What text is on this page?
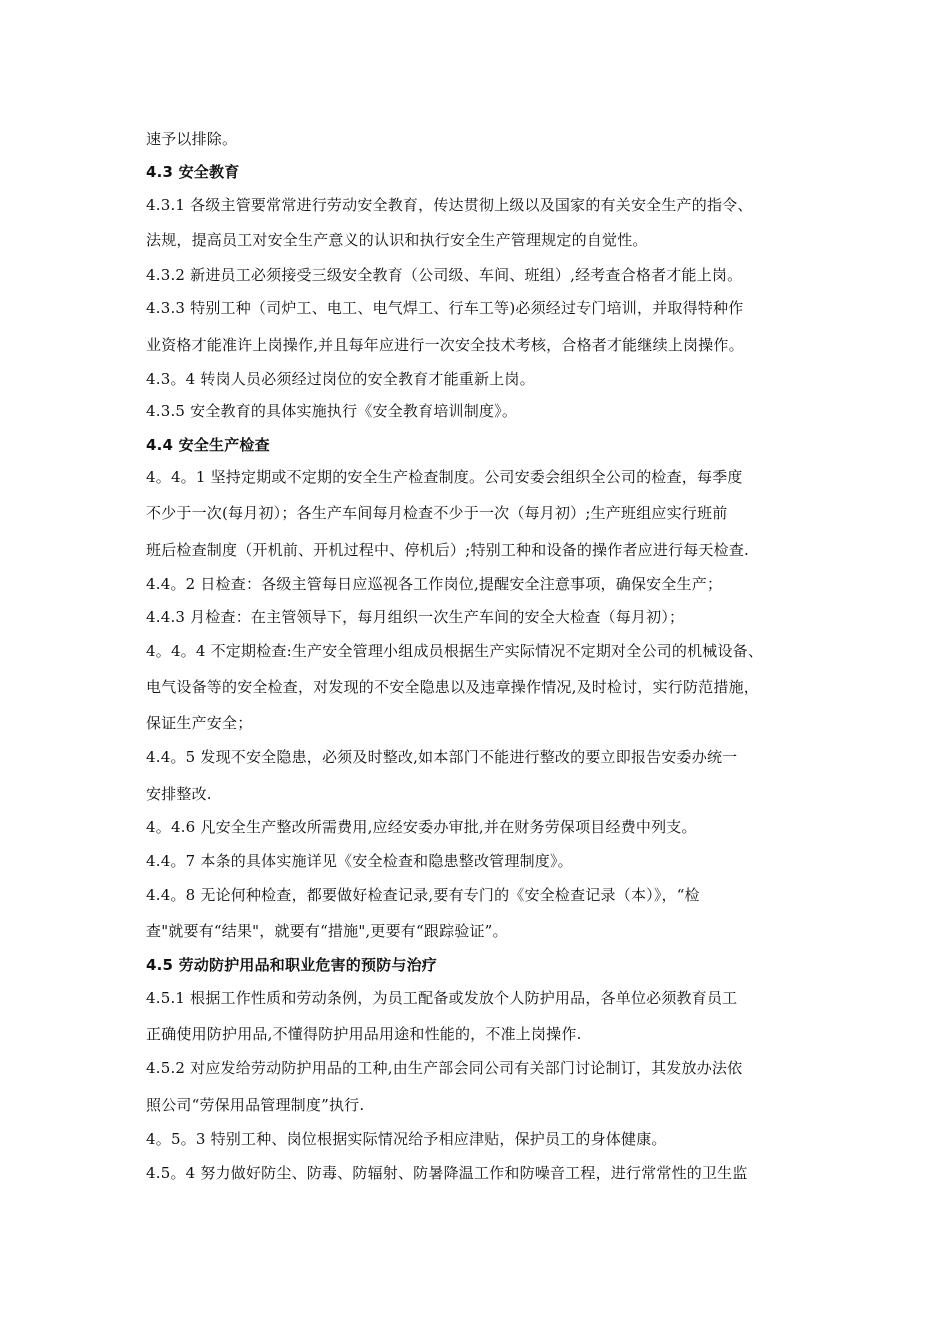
速予以排除。
4.3 安全教育
4.3.1 各级主管要常常进行劳动安全教育，传达贯彻上级以及国家的有关安全生产的指令、
法规，提高员工对安全生产意义的认识和执行安全生产管理规定的自觉性。
4.3.2 新进员工必须接受三级安全教育（公司级、车间、班组）,经考查合格者才能上岗。
4.3.3 特别工种（司炉工、电工、电气焊工、行车工等)必须经过专门培训，并取得特种作
业资格才能准许上岗操作,并且每年应进行一次安全技术考核，合格者才能继续上岗操作。
4.3。4 转岗人员必须经过岗位的安全教育才能重新上岗。
4.3.5 安全教育的具体实施执行《安全教育培训制度》。
4.4 安全生产检查
4。4。1 坚持定期或不定期的安全生产检查制度。公司安委会组织全公司的检查，每季度
不少于一次(每月初）；各生产车间每月检查不少于一次（每月初）;生产班组应实行班前
班后检查制度（开机前、开机过程中、停机后）;特别工种和设备的操作者应进行每天检查.
4.4。2 日检查：各级主管每日应巡视各工作岗位,提醒安全注意事项，确保安全生产；
4.4.3 月检查：在主管领导下，每月组织一次生产车间的安全大检查（每月初）；
4。4。4 不定期检查:生产安全管理小组成员根据生产实际情况不定期对全公司的机械设备、
电气设备等的安全检查，对发现的不安全隐患以及违章操作情况,及时检讨，实行防范措施，
保证生产安全；
4.4。5 发现不安全隐患，必须及时整改,如本部门不能进行整改的要立即报告安委办统一
安排整改.
4。4.6 凡安全生产整改所需费用,应经安委办审批,并在财务劳保项目经费中列支。
4.4。7 本条的具体实施详见《安全检查和隐患整改管理制度》。
4.4。8 无论何种检查，都要做好检查记录,要有专门的《安全检查记录（本）》，“检
查"就要有“结果"，就要有“措施",更要有“跟踪验证”。
4.5 劳动防护用品和职业危害的预防与治疗
4.5.1 根据工作性质和劳动条例，为员工配备或发放个人防护用品，各单位必须教育员工
正确使用防护用品,不懂得防护用品用途和性能的，不准上岗操作.
4.5.2 对应发给劳动防护用品的工种,由生产部会同公司有关部门讨论制订，其发放办法依
照公司“劳保用品管理制度”执行.
4。5。3 特别工种、岗位根据实际情况给予相应津贴，保护员工的身体健康。
4.5。4 努力做好防尘、防毒、防辐射、防暑降温工作和防噪音工程，进行常常性的卫生监
